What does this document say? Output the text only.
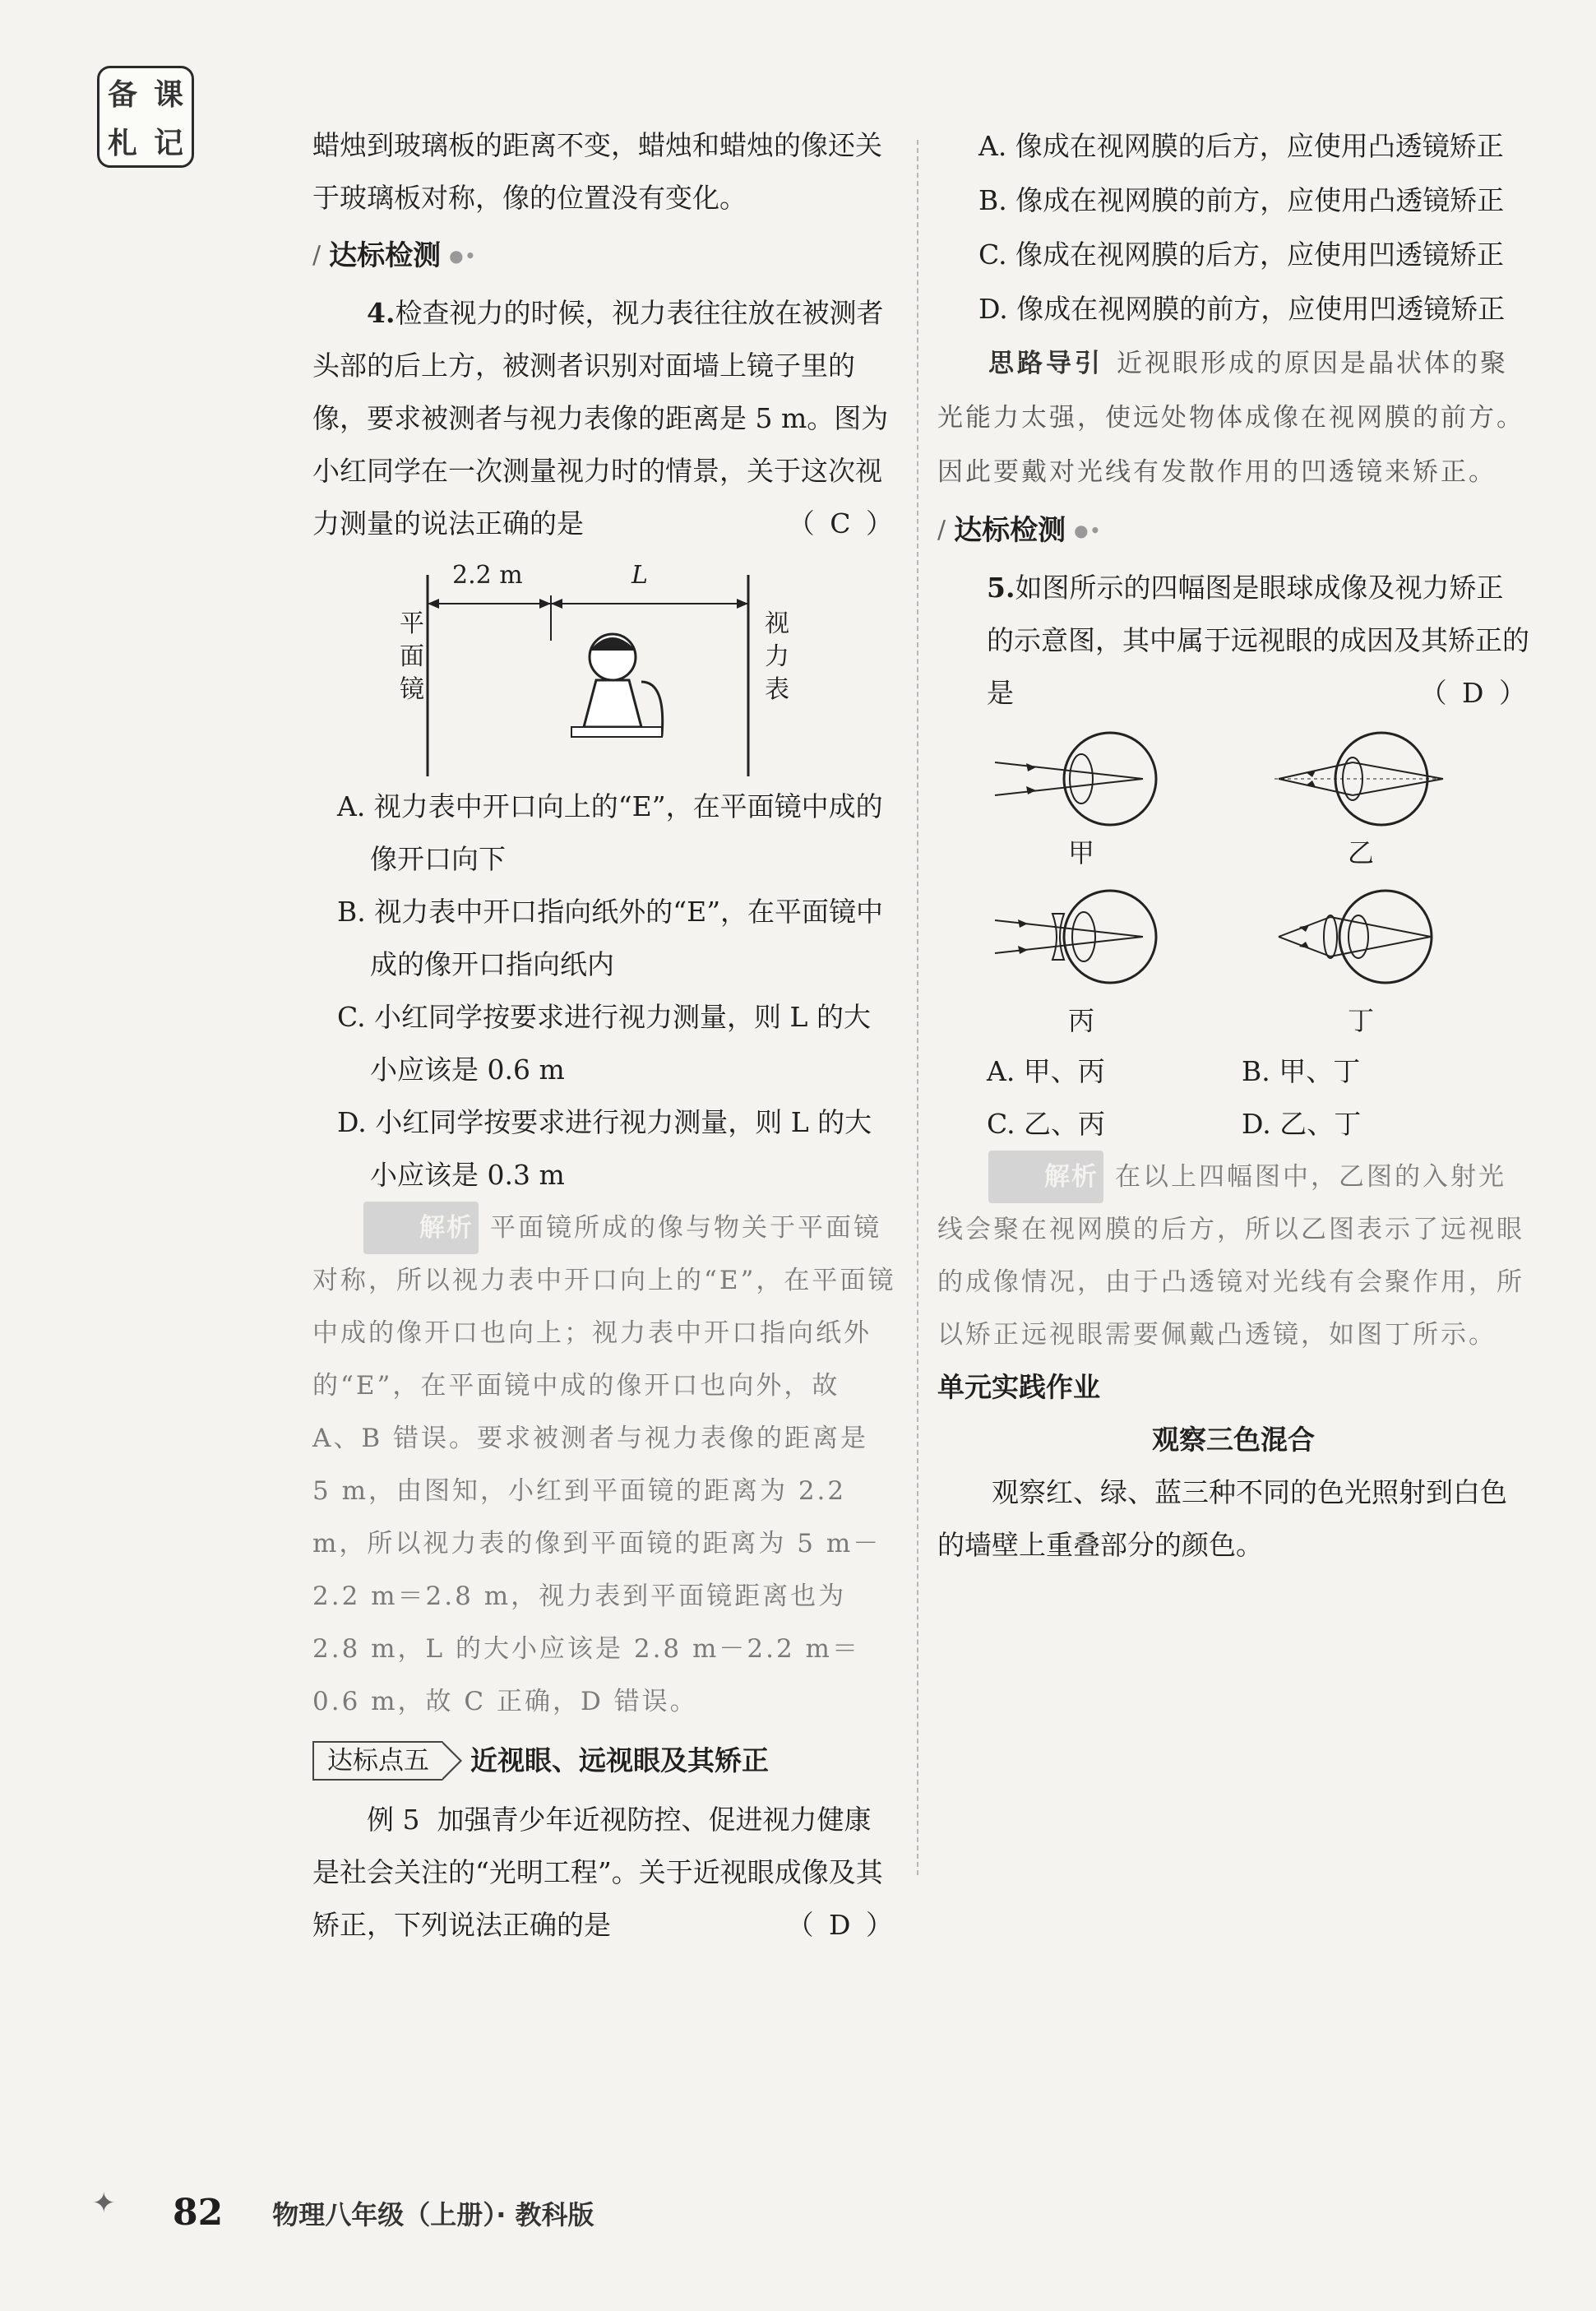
备 课
札 记	蜡烛到玻璃板的距离不变，蜡烛和蜡烛的像还关于玻璃板对称，像的位置没有变化。

∕ 达标检测 ●•

4.检查视力的时候，视力表往往放在被测者头部的后上方，被测者识别对面墙上镜子里的像，要求被测者与视力表像的距离是 5 m。图为小红同学在一次测量视力时的情景，关于这次视力测量的说法正确的是	（ C ）

2.2 m	L
平面镜
视力表

A. 视力表中开口向上的“E”，在平面镜中成的像开口向下

B. 视力表中开口指向纸外的“E”，在平面镜中成的像开口指向纸内

C. 小红同学按要求进行视力测量，则 L 的大小应该是 0.6 m

D. 小红同学按要求进行视力测量，则 L 的大小应该是 0.3 m

解析 平面镜所成的像与物关于平面镜对称，所以视力表中开口向上的“E”，在平面镜中成的像开口也向上；视力表中开口指向纸外的“E”，在平面镜中成的像开口也向外，故 A、B 错误。要求被测者与视力表像的距离是 5 m，由图知，小红到平面镜的距离为 2.2 m，所以视力表的像到平面镜的距离为 5 m－2.2 m＝2.8 m，视力表到平面镜距离也为 2.8 m，L 的大小应该是 2.8 m－2.2 m＝0.6 m，故 C 正确，D 错误。

达标点五	近视眼、远视眼及其矫正

例 5 加强青少年近视防控、促进视力健康是社会关注的“光明工程”。关于近视眼成像及其矫正，下列说法正确的是	（ D ）

A. 像成在视网膜的后方，应使用凸透镜矫正

B. 像成在视网膜的前方，应使用凸透镜矫正

C. 像成在视网膜的后方，应使用凹透镜矫正

D. 像成在视网膜的前方，应使用凹透镜矫正

思路导引 近视眼形成的原因是晶状体的聚光能力太强，使远处物体成像在视网膜的前方。因此要戴对光线有发散作用的凹透镜来矫正。

∕ 达标检测 ●•

5.如图所示的四幅图是眼球成像及视力矫正的示意图，其中属于远视眼的成因及其矫正的是	（ D ）

甲	乙
丙	丁
A. 甲、丙	B. 甲、丁
C. 乙、丙	D. 乙、丁

解析 在以上四幅图中，乙图的入射光线会聚在视网膜的后方，所以乙图表示了远视眼的成像情况，由于凸透镜对光线有会聚作用，所以矫正远视眼需要佩戴凸透镜，如图丁所示。

单元实践作业

观察三色混合

观察红、绿、蓝三种不同的色光照射到白色的墙壁上重叠部分的颜色。

✦ 82 物理八年级（上册）· 教科版
